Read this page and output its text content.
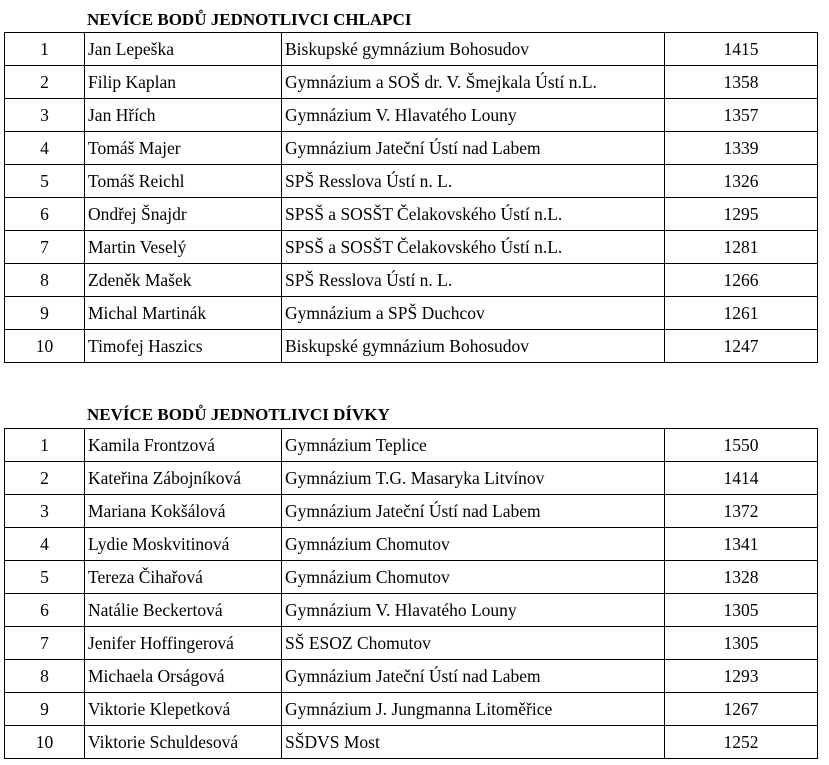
NEVÍCE BODŮ JEDNOTLIVCI CHLAPCI
1	Jan Lepeška	Biskupské gymnázium Bohosudov	1415
2	Filip Kaplan	Gymnázium a SOŠ dr. V. Šmejkala Ústí n.L.	1358
3	Jan Hřích	Gymnázium V. Hlavatého Louny	1357
4	Tomáš Majer	Gymnázium Jateční Ústí nad Labem	1339
5	Tomáš Reichl	SPŠ Resslova Ústí n. L.	1326
6	Ondřej Šnajdr	SPSŠ a SOSŠT Čelakovského Ústí n.L.	1295
7	Martin Veselý	SPSŠ a SOSŠT Čelakovského Ústí n.L.	1281
8	Zdeněk Mašek	SPŠ Resslova Ústí n. L.	1266
9	Michal Martinák	Gymnázium a SPŠ Duchcov	1261
10	Timofej Haszics	Biskupské gymnázium Bohosudov	1247
NEVÍCE BODŮ JEDNOTLIVCI DÍVKY
1	Kamila Frontzová	Gymnázium Teplice	1550
2	Kateřina Zábojníková	Gymnázium T.G. Masaryka Litvínov	1414
3	Mariana Kokšálová	Gymnázium Jateční Ústí nad Labem	1372
4	Lydie Moskvitinová	Gymnázium Chomutov	1341
5	Tereza Čihařová	Gymnázium Chomutov	1328
6	Natálie Beckertová	Gymnázium V. Hlavatého Louny	1305
7	Jenifer Hoffingerová	SŠ ESOZ Chomutov	1305
8	Michaela Orságová	Gymnázium Jateční Ústí nad Labem	1293
9	Viktorie Klepetková	Gymnázium J. Jungmanna Litoměřice	1267
10	Viktorie Schuldesová	SŠDVS Most	1252
